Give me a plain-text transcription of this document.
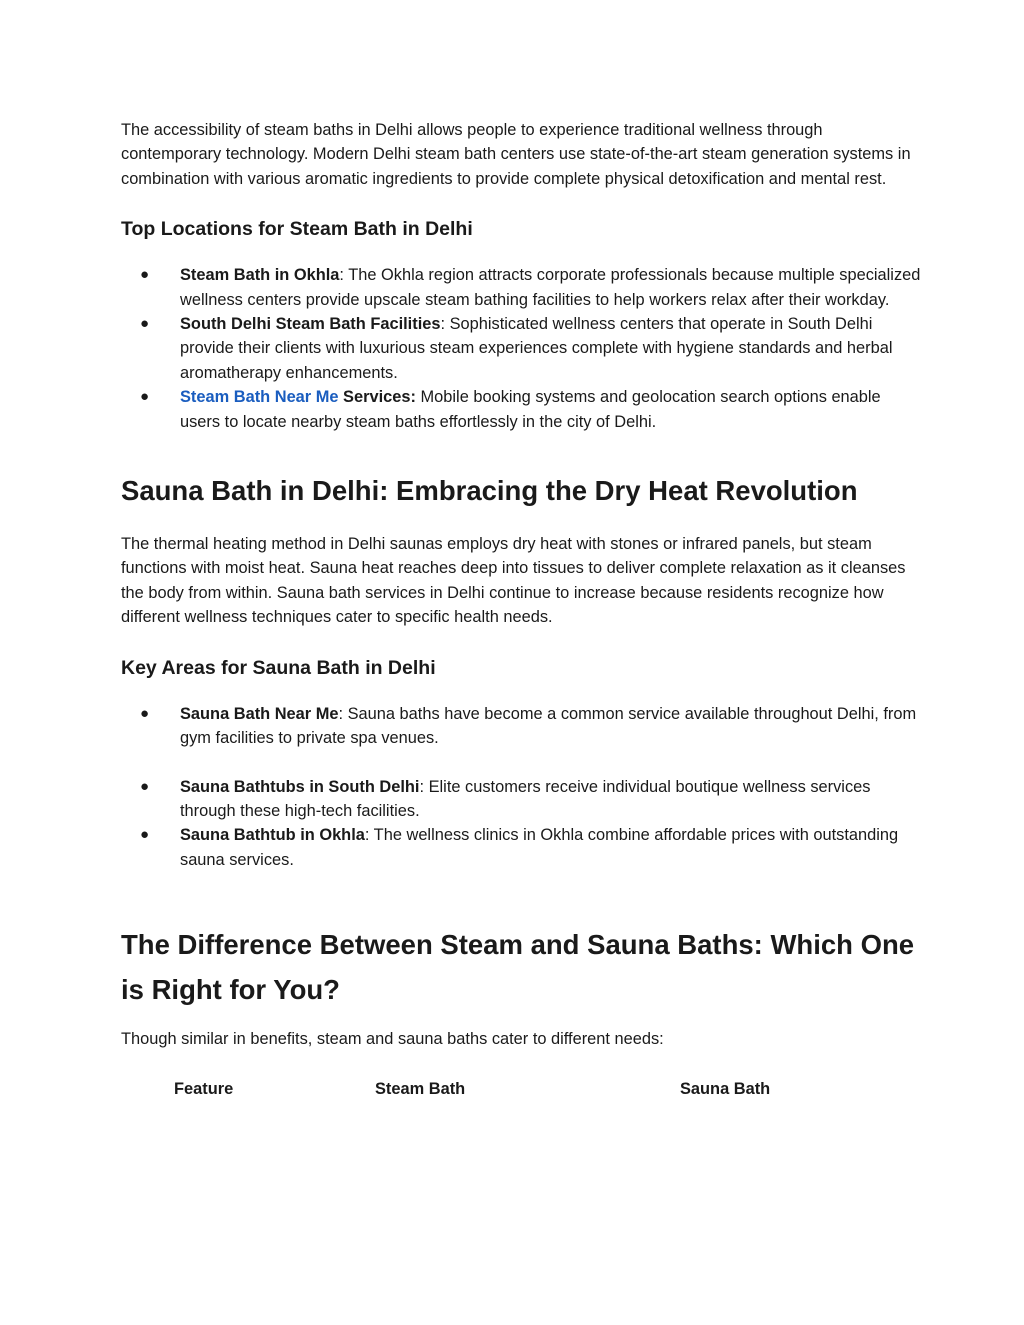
The accessibility of steam baths in Delhi allows people to experience traditional wellness through contemporary technology. Modern Delhi steam bath centers use state-of-the-art steam generation systems in combination with various aromatic ingredients to provide complete physical detoxification and mental rest.

Top Locations for Steam Bath in Delhi
● Steam Bath in Okhla: The Okhla region attracts corporate professionals because multiple specialized wellness centers provide upscale steam bathing facilities to help workers relax after their workday.
● South Delhi Steam Bath Facilities: Sophisticated wellness centers that operate in South Delhi provide their clients with luxurious steam experiences complete with hygiene standards and herbal aromatherapy enhancements.
● Steam Bath Near Me Services: Mobile booking systems and geolocation search options enable users to locate nearby steam baths effortlessly in the city of Delhi.
Sauna Bath in Delhi: Embracing the Dry Heat Revolution

The thermal heating method in Delhi saunas employs dry heat with stones or infrared panels, but steam functions with moist heat. Sauna heat reaches deep into tissues to deliver complete relaxation as it cleanses the body from within. Sauna bath services in Delhi continue to increase because residents recognize how different wellness techniques cater to specific health needs.

Key Areas for Sauna Bath in Delhi
● Sauna Bath Near Me: Sauna baths have become a common service available throughout Delhi, from gym facilities to private spa venues.
● Sauna Bathtubs in South Delhi: Elite customers receive individual boutique wellness services through these high-tech facilities.
● Sauna Bathtub in Okhla: The wellness clinics in Okhla combine affordable prices with outstanding sauna services.
The Difference Between Steam and Sauna Baths: Which One is Right for You?

Though similar in benefits, steam and sauna baths cater to different needs:

Feature	Steam Bath	Sauna Bath
